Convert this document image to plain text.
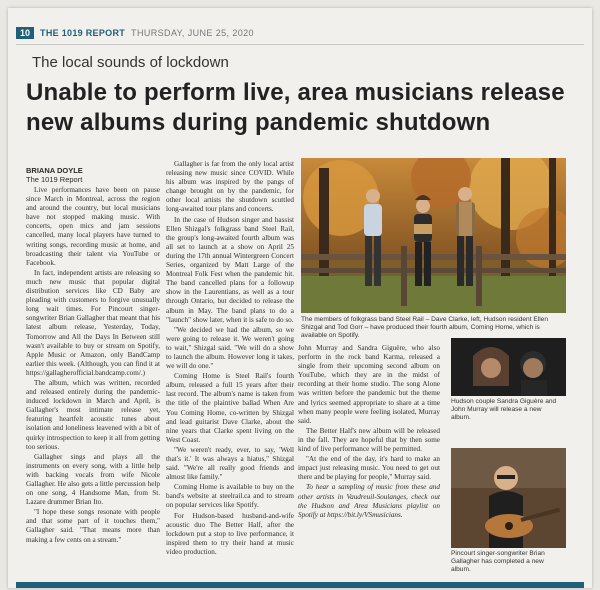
10	THE 1019 REPORT THURSDAY, JUNE 25, 2020
The local sounds of lockdown
Unable to perform live, area musicians release new albums during pandemic shutdown
BRIANA DOYLE
The 1019 Report

Live performances have been on pause since March in Montreal, across the region and around the country, but local musicians have not stopped making music. With concerts, open mics and jam sessions cancelled, many local players have turned to writing songs, recording music at home, and broadcasting their talent via YouTube or Facebook.

In fact, independent artists are releasing so much new music that popular digital distribution services like CD Baby are pleading with customers to forgive unusually long wait times. For Pincourt singer-songwriter Brian Gallagher that meant that his latest album release, Yesterday, Today, Tomorrow and All the Days In Between still wasn't available to buy or stream on Spotify, Apple Music or Amazon, only BandCamp earlier this week. (Although, you can find it at https://gallagherofficial.bandcamp.com/.)

The album, which was written, recorded and released entirely during the pandemic-induced lockdown in March and April, is Gallagher's most intimate release yet, featuring heartfelt acoustic tunes about isolation and loneliness leavened with a bit of quirky introspection to keep it all from getting too serious.

Gallagher sings and plays all the instruments on every song, with a little help with backing vocals from wife Nicole Gallagher. He also gets a little percussion help on one song, 4 Handsome Man, from St. Lazare drummer Brian Ito.

"I hope these songs resonate with people and that some part of it touches them," Gallagher said. "That means more than making a few cents on a stream."

Gallagher is far from the only local artist releasing new music since COVID. While his album was inspired by the pangs of change brought on by the pandemic, for other local artists the shutdown scuttled long-awaited tour plans and concerts.

In the case of Hudson singer and bassist Ellen Shizgal's folkgrass band Steel Rail, the group's long-awaited fourth album was all set to launch at a show on April 25 during the 17th annual Wintergreen Concert Series, organized by Matt Large of the Montreal Folk Fest when the pandemic hit. The band cancelled plans for a followup show in the Laurentians, as well as a tour through Ontario, but decided to release the album in May. The band plans to do a "launch" show later, when it is safe to do so.

"We decided we had the album, so we were going to release it. We weren't going to wait," Shizgal said. "We will do a show to launch the album. However long it takes, we will do one."

Coming Home is Steel Rail's fourth album, released a full 15 years after their last record. The album's name is taken from the title of the plaintive ballad When Are You Coming Home, co-written by Shizgal and lead guitarist Dave Clarke, about the nine years that Clarke spent living on the West Coast.

"We weren't ready, ever, to say, 'Well that's it.' It was always a hiatus," Shizgal said. "We're all really good friends and almost like family."

Coming Home is available to buy on the band's website at steelrail.ca and to stream on popular services like Spotify.

For Hudson-based husband-and-wife acoustic duo The Better Half, after the lockdown put a stop to live performance, it inspired them to try their hand at music video production.

The members of folkgrass band Steel Rail – Dave Clarke, left, Hudson resident Ellen Shizgal and Tod Gorr – have produced their fourth album, Coming Home, which is available on Spotify.

John Murray and Sandra Giguère, who also perform in the rock band Karma, released a single from their upcoming second album on YouTube, which they are in the midst of recording at their home studio. The song Alone was written before the pandemic but the theme and lyrics seemed appropriate to share at a time when many people were feeling isolated, Murray said.

The Better Half's new album will be released in the fall. They are hopeful that by then some kind of live performance will be permitted.

"At the end of the day, it's hard to make an impact just releasing music. You need to get out there and be playing for people," Murray said.

To hear a sampling of music from these and other artists in Vaudreuil-Soulanges, check out the Hudson and Area Musicians playlist on Spotify at https://bit.ly/VSmusicians.

Hudson couple Sandra Giguère and John Murray will release a new album.
Pincourt singer-songwriter Brian Gallagher has completed a new album.
